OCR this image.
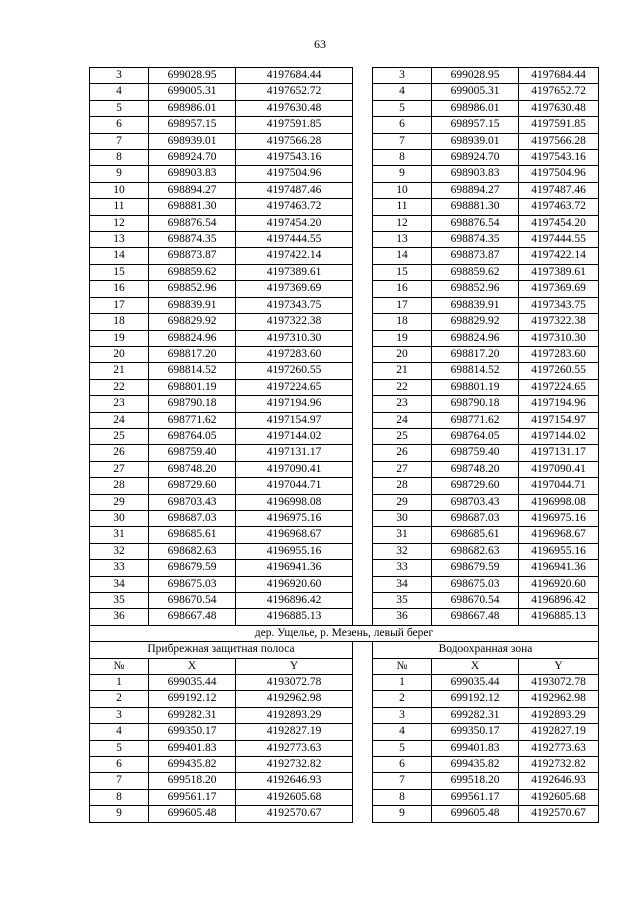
63
3	699028.95	4197684.44		3	699028.95	4197684.44
4	699005.31	4197652.72		4	699005.31	4197652.72
5	698986.01	4197630.48		5	698986.01	4197630.48
6	698957.15	4197591.85		6	698957.15	4197591.85
7	698939.01	4197566.28		7	698939.01	4197566.28
8	698924.70	4197543.16		8	698924.70	4197543.16
9	698903.83	4197504.96		9	698903.83	4197504.96
10	698894.27	4197487.46		10	698894.27	4197487.46
11	698881.30	4197463.72		11	698881.30	4197463.72
12	698876.54	4197454.20		12	698876.54	4197454.20
13	698874.35	4197444.55		13	698874.35	4197444.55
14	698873.87	4197422.14		14	698873.87	4197422.14
15	698859.62	4197389.61		15	698859.62	4197389.61
16	698852.96	4197369.69		16	698852.96	4197369.69
17	698839.91	4197343.75		17	698839.91	4197343.75
18	698829.92	4197322.38		18	698829.92	4197322.38
19	698824.96	4197310.30		19	698824.96	4197310.30
20	698817.20	4197283.60		20	698817.20	4197283.60
21	698814.52	4197260.55		21	698814.52	4197260.55
22	698801.19	4197224.65		22	698801.19	4197224.65
23	698790.18	4197194.96		23	698790.18	4197194.96
24	698771.62	4197154.97		24	698771.62	4197154.97
25	698764.05	4197144.02		25	698764.05	4197144.02
26	698759.40	4197131.17		26	698759.40	4197131.17
27	698748.20	4197090.41		27	698748.20	4197090.41
28	698729.60	4197044.71		28	698729.60	4197044.71
29	698703.43	4196998.08		29	698703.43	4196998.08
30	698687.03	4196975.16		30	698687.03	4196975.16
31	698685.61	4196968.67		31	698685.61	4196968.67
32	698682.63	4196955.16		32	698682.63	4196955.16
33	698679.59	4196941.36		33	698679.59	4196941.36
34	698675.03	4196920.60		34	698675.03	4196920.60
35	698670.54	4196896.42		35	698670.54	4196896.42
36	698667.48	4196885.13		36	698667.48	4196885.13
дер. Ущелье, р. Мезень, левый берег						
Прибрежная защитная полоса				Водоохранная зона		
№	X	Y		№	X	Y
1	699035.44	4193072.78		1	699035.44	4193072.78
2	699192.12	4192962.98		2	699192.12	4192962.98
3	699282.31	4192893.29		3	699282.31	4192893.29
4	699350.17	4192827.19		4	699350.17	4192827.19
5	699401.83	4192773.63		5	699401.83	4192773.63
6	699435.82	4192732.82		6	699435.82	4192732.82
7	699518.20	4192646.93		7	699518.20	4192646.93
8	699561.17	4192605.68		8	699561.17	4192605.68
9	699605.48	4192570.67		9	699605.48	4192570.67
